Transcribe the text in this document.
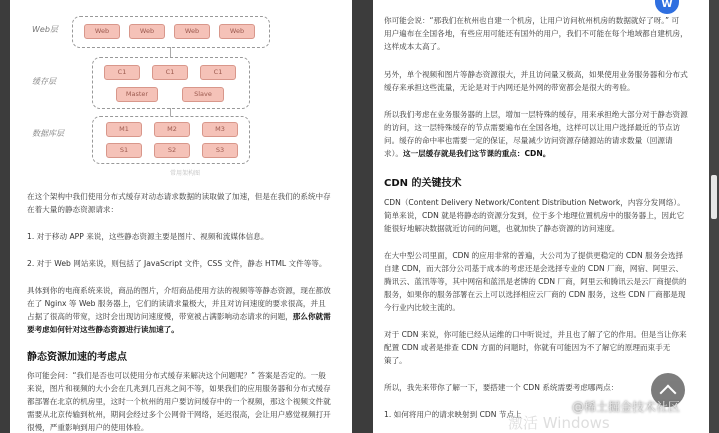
Web层
缓存层
数据库层
Web	Web	Web	Web
C1	C1	C1
Master	Slave
M1	M2	M3
S1	S2	S3
常用架构图
在这个架构中我们使用分布式缓存对动态请求数据的读取做了加速，但是在我们的系统中存
在着大量的静态资源请求：
1. 对于移动 APP 来说，这些静态资源主要是图片、视频和流媒体信息。
2. 对于 Web 网站来说，则包括了 JavaScript 文件，CSS 文件，静态 HTML 文件等等。
具体到你的电商系统来说，商品的图片，介绍商品使用方法的视频等等静态资源，现在都放
在了 Nginx 等 Web 服务器上，它们的读请求量极大，并且对访问速度的要求很高，并且
占据了很高的带宽，这时会出现访问速度慢，带宽被占满影响动态请求的问题，那么你就需
要考虑如何针对这些静态资源进行读加速了。
静态资源加速的考虑点
你可能会问：“我们是否也可以使用分布式缓存来解决这个问题呢？” 答案是否定的。一般
来说，图片和视频的大小会在几兆到几百兆之间不等，如果我们的应用服务器和分布式缓存
都部署在北京的机房里，这时一个杭州的用户要访问缓存中的一个视频，那这个视频文件就
需要从北京传输到杭州，期间会经过多个公网骨干网络，延迟很高，会让用户感觉视频打开
很慢，严重影响到用户的使用体验。
你可能会说：“那我们在杭州也自建一个机房，让用户访问杭州机房的数据就好了呀。” 可
用户遍布在全国各地，有些应用可能还有国外的用户，我们不可能在每个地域都自建机房，
这样成本太高了。
另外，单个视频和图片等静态资源很大，并且访问量又极高，如果使用业务服务器和分布式
缓存来承担这些流量，无论是对于内网还是外网的带宽都会是很大的考验。
所以我们考虑在业务服务器的上层，增加一层特殊的缓存，用来承担绝大部分对于静态资源
的访问，这一层特殊缓存的节点需要遍布在全国各地，这样可以让用户选择最近的节点访
问。缓存的命中率也需要一定的保证，尽量减少访问资源存储源站的请求数量（回源请
求）。这一层缓存就是我们这节课的重点：CDN。
CDN 的关键技术
CDN（Content Delivery Network/Content Distribution Network，内容分发网络）。
简单来说，CDN 就是将静态的资源分发到，位于多个地理位置机房中的服务器上，因此它
能很好地解决数据就近访问的问题，也就加快了静态资源的访问速度。
在大中型公司里面，CDN 的应用非常的普遍，大公司为了提供更稳定的 CDN 服务会选择
自建 CDN，而大部分公司基于成本的考虑还是会选择专业的 CDN 厂商，网宿、阿里云、
腾讯云、蓝汛等等，其中网宿和蓝汛是老牌的 CDN 厂商，阿里云和腾讯云是云厂商提供的
服务，如果你的服务部署在云上可以选择相应云厂商的 CDN 服务，这些 CDN 厂商都是现
今行业内比较主流的。
对于 CDN 来说，你可能已经从运维的口中听说过，并且也了解了它的作用。但是当让你来
配置 CDN 或者是排查 CDN 方面的问题时，你就有可能因为不了解它的原理而束手无
策了。
所以，我先来带你了解一下，要搭建一个 CDN 系统需要考虑哪两点：
1. 如何将用户的请求映射到 CDN 节点上
W
激活 Windows
@稀土掘金技术社区
